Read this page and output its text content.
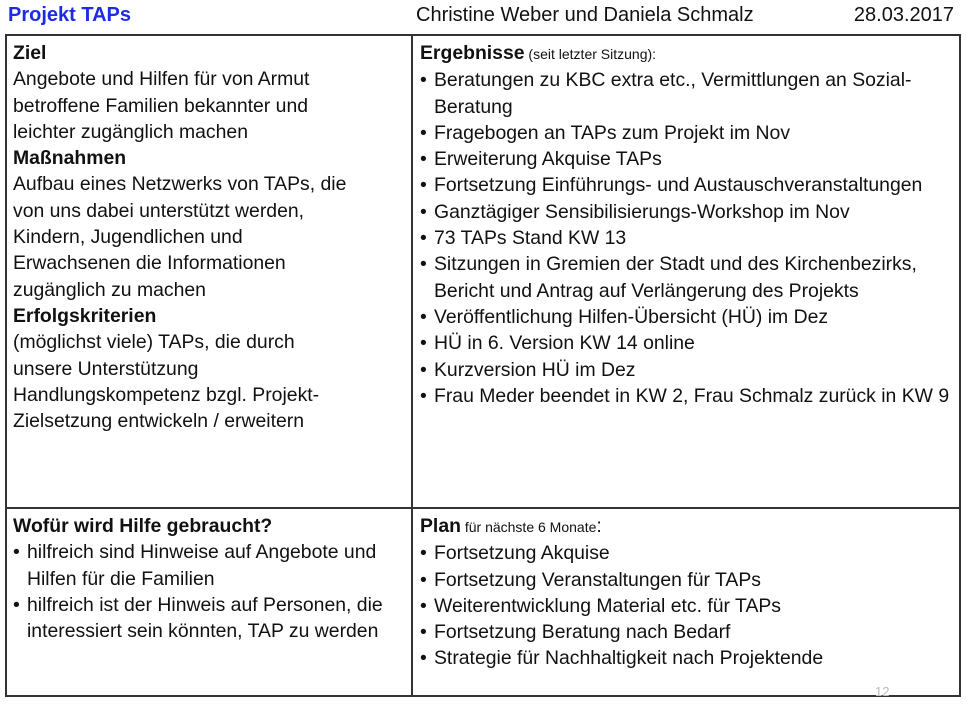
Projekt TAPs	Christine Weber und Daniela Schmalz	28.03.2017
Ziel
Angebote und Hilfen für von Armut
betroffene Familien bekannter und
leichter zugänglich machen
Maßnahmen
Aufbau eines Netzwerks von TAPs, die
von uns dabei unterstützt werden,
Kindern, Jugendlichen und
Erwachsenen die Informationen
zugänglich zu machen
Erfolgskriterien
(möglichst viele) TAPs, die durch
unsere Unterstützung
Handlungskompetenz bzgl. Projekt-
Zielsetzung entwickeln / erweitern
Ergebnisse (seit letzter Sitzung):
• Beratungen zu KBC extra etc., Vermittlungen an Sozial-Beratung
• Fragebogen an TAPs zum Projekt im Nov
• Erweiterung Akquise TAPs
• Fortsetzung Einführungs- und Austauschveranstaltungen
• Ganztägiger Sensibilisierungs-Workshop im Nov
• 73 TAPs Stand KW 13
• Sitzungen in Gremien der Stadt und des Kirchenbezirks, Bericht und Antrag auf Verlängerung des Projekts
• Veröffentlichung Hilfen-Übersicht (HÜ) im Dez
• HÜ in 6. Version KW 14 online
• Kurzversion HÜ im Dez
• Frau Meder beendet in KW 2, Frau Schmalz zurück in KW 9
Wofür wird Hilfe gebraucht?
• hilfreich sind Hinweise auf Angebote und Hilfen für die Familien
• hilfreich ist der Hinweis auf Personen, die interessiert sein könnten, TAP zu werden
Plan für nächste 6 Monate:
• Fortsetzung Akquise
• Fortsetzung Veranstaltungen für TAPs
• Weiterentwicklung Material etc. für TAPs
• Fortsetzung Beratung nach Bedarf
• Strategie für Nachhaltigkeit nach Projektende
12
